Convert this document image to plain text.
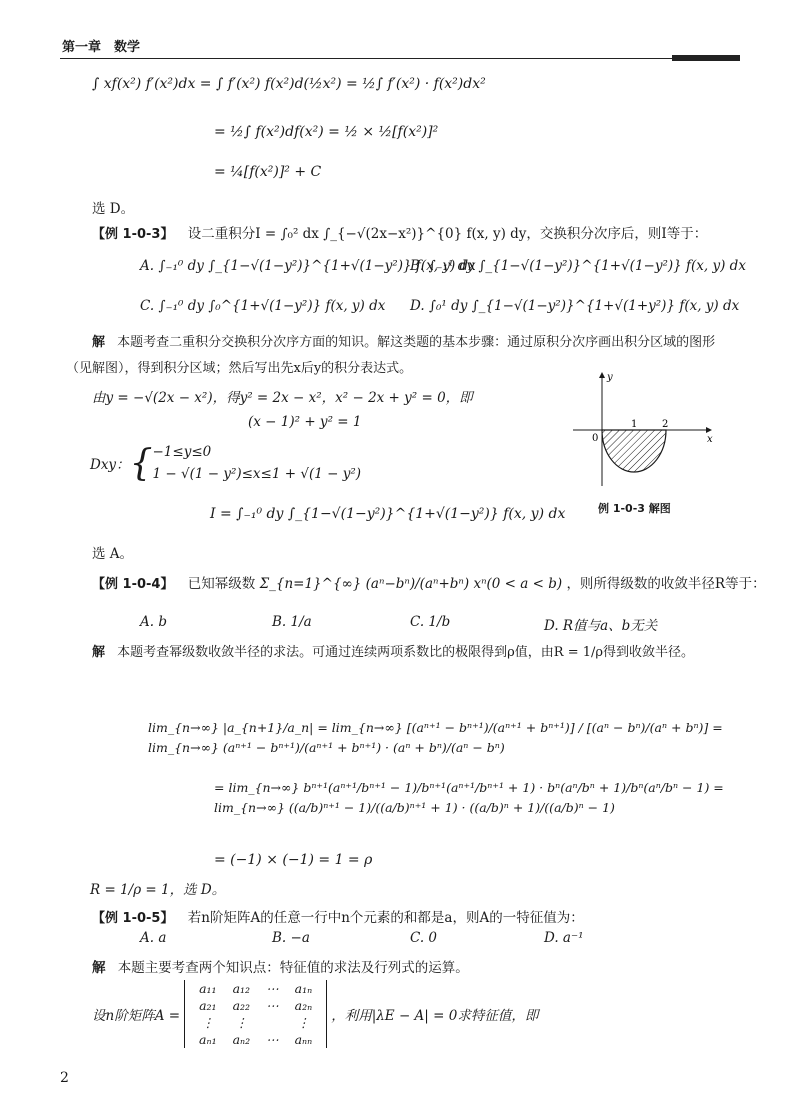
第一章　数学
∫ xf(x²) f′(x²)dx = ∫ f′(x²) f(x²)d(½x²) = ½∫ f′(x²) · f(x²)dx²
= ½∫ f(x²)df(x²) = ½ × ½[f(x²)]²
= ¼[f(x²)]² + C
选 D。
【例 1-0-3】 设二重积分I = ∫₀² dx ∫_{−√(2x−x²)}^{0} f(x, y) dy，交换积分次序后，则I等于：
A. ∫₋₁⁰ dy ∫_{1−√(1−y²)}^{1+√(1−y²)} f(x, y) dx
B. ∫₋₁¹ dy ∫_{1−√(1−y²)}^{1+√(1−y²)} f(x, y) dx
C. ∫₋₁⁰ dy ∫₀^{1+√(1−y²)} f(x, y) dx D. ∫₀¹ dy ∫_{1−√(1−y²)}^{1+√(1+y²)} f(x, y) dx
解 本题考查二重积分交换积分次序方面的知识。解这类题的基本步骤：通过原积分次序画出积分区域的图形（见解图），得到积分区域；然后写出先x后y的积分表达式。
由y = −√(2x − x²)，得y² = 2x − x²，x² − 2x + y² = 0，即
(x − 1)² + y² = 1
Dxy： { −1≤y≤0
1 − √(1 − y²)≤x≤1 + √(1 − y²)
I = ∫₋₁⁰ dy ∫_{1−√(1−y²)}^{1+√(1−y²)} f(x, y) dx
选 A。
y
x
0
1 2
例 1-0-3 解图
【例 1-0-4】 已知幂级数 Σ_{n=1}^{∞} (aⁿ−bⁿ)/(aⁿ+bⁿ) xⁿ(0 < a < b) ，则所得级数的收敛半径R等于：
A. b	B. 1/a	C. 1/b	D. R值与a、b无关
解 本题考查幂级数收敛半径的求法。可通过连续两项系数比的极限得到ρ值，由R = 1/ρ得到收敛半径。
lim_{n→∞} |a_{n+1}/a_n| = lim_{n→∞} [(aⁿ⁺¹ − bⁿ⁺¹)/(aⁿ⁺¹ + bⁿ⁺¹)] / [(aⁿ − bⁿ)/(aⁿ + bⁿ)] = lim_{n→∞} (aⁿ⁺¹ − bⁿ⁺¹)/(aⁿ⁺¹ + bⁿ⁺¹) · (aⁿ + bⁿ)/(aⁿ − bⁿ)
= lim_{n→∞} bⁿ⁺¹(aⁿ⁺¹/bⁿ⁺¹ − 1)/bⁿ⁺¹(aⁿ⁺¹/bⁿ⁺¹ + 1) · bⁿ(aⁿ/bⁿ + 1)/bⁿ(aⁿ/bⁿ − 1) = lim_{n→∞} ((a/b)ⁿ⁺¹ − 1)/((a/b)ⁿ⁺¹ + 1) · ((a/b)ⁿ + 1)/((a/b)ⁿ − 1)
= (−1) × (−1) = 1 = ρ
R = 1/ρ = 1，选 D。
【例 1-0-5】 若n阶矩阵A的任意一行中n个元素的和都是a，则A的一特征值为：
A. a	B. −a	C. 0	D. a⁻¹
解 本题主要考查两个知识点：特征值的求法及行列式的运算。
设n阶矩阵A =
a₁₁	a₁₂	⋯	a₁ₙ
a₂₁	a₂₂	⋯	a₂ₙ
⋮	⋮		⋮
aₙ₁	aₙ₂	⋯	aₙₙ
，利用|λE − A| = 0求特征值，即
2
